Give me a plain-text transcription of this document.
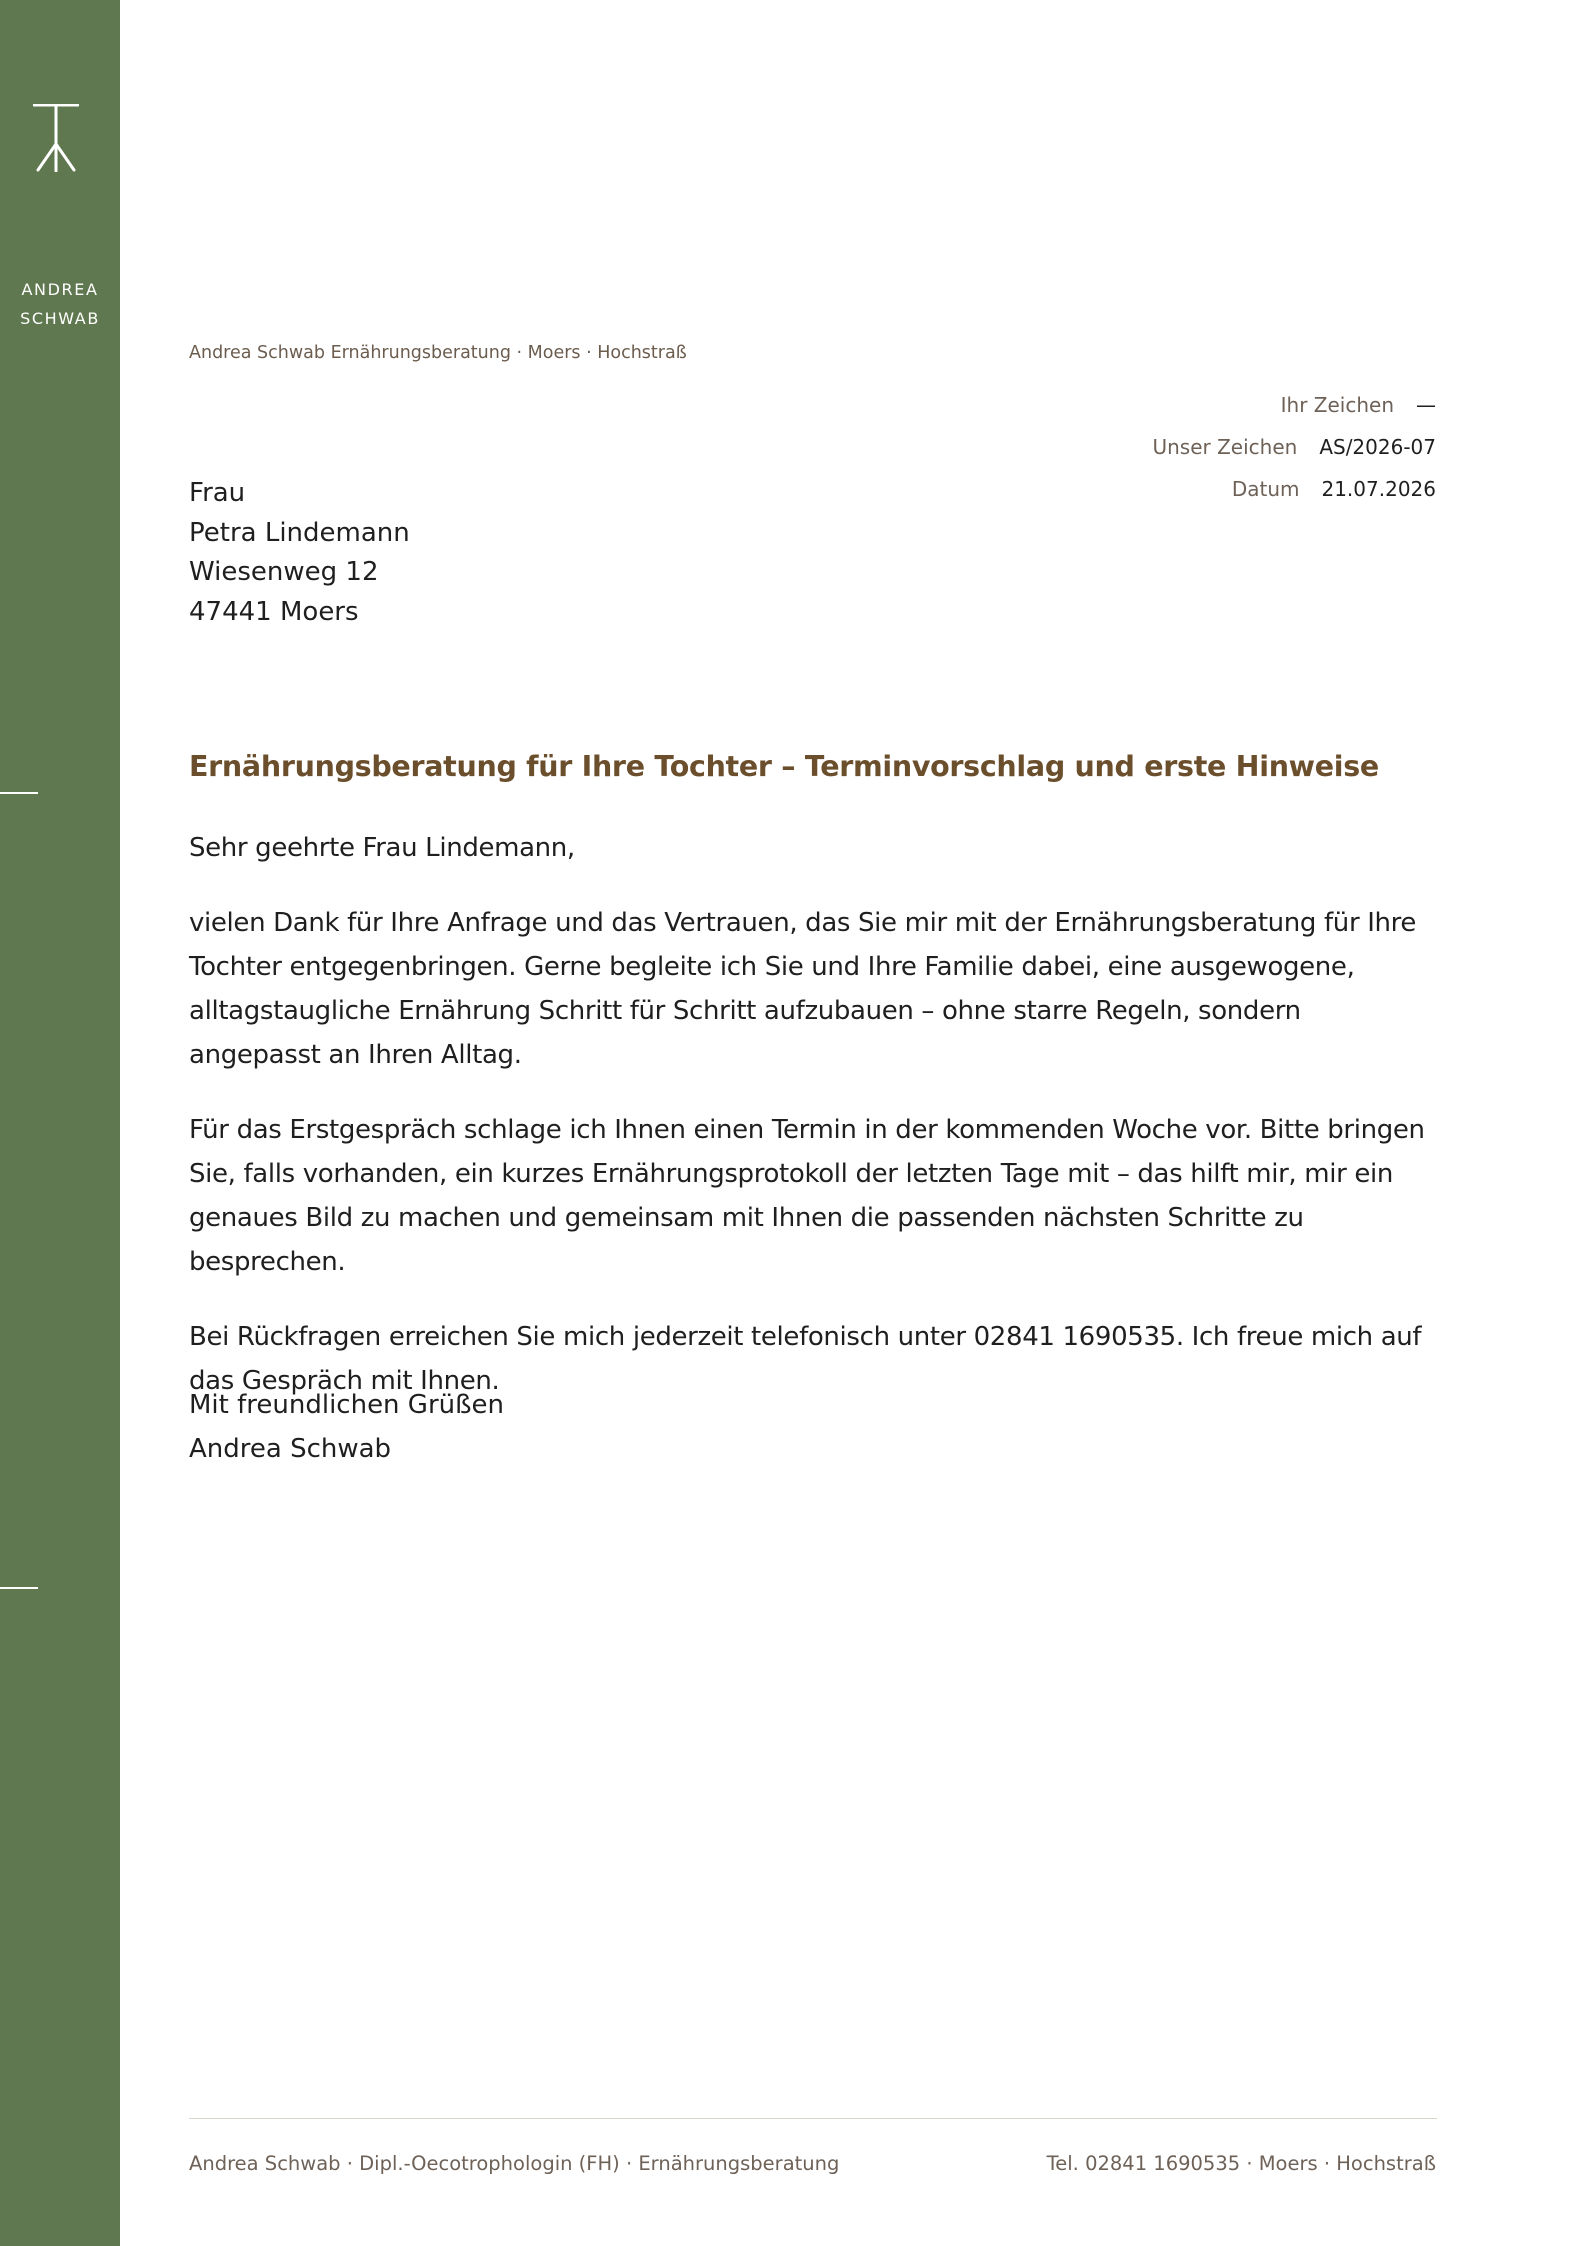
ANDREA
SCHWAB
Andrea Schwab Ernährungsberatung · Moers · Hochstraß
Ihr Zeichen —
Unser Zeichen AS/2026-07
Datum 21.07.2026
Frau
Petra Lindemann
Wiesenweg 12
47441 Moers
Ernährungsberatung für Ihre Tochter – Terminvorschlag und erste Hinweise

Sehr geehrte Frau Lindemann,

vielen Dank für Ihre Anfrage und das Vertrauen, das Sie mir mit der Ernährungsberatung für Ihre Tochter entgegenbringen. Gerne begleite ich Sie und Ihre Familie dabei, eine ausgewogene, alltagstaugliche Ernährung Schritt für Schritt aufzubauen – ohne starre Regeln, sondern angepasst an Ihren Alltag.

Für das Erstgespräch schlage ich Ihnen einen Termin in der kommenden Woche vor. Bitte bringen Sie, falls vorhanden, ein kurzes Ernährungsprotokoll der letzten Tage mit – das hilft mir, mir ein genaues Bild zu machen und gemeinsam mit Ihnen die passenden nächsten Schritte zu besprechen.

Bei Rückfragen erreichen Sie mich jederzeit telefonisch unter 02841 1690535. Ich freue mich auf das Gespräch mit Ihnen.

Mit freundlichen Grüßen
Andrea Schwab
Andrea Schwab · Dipl.-Oecotrophologin (FH) · Ernährungsberatung	Tel. 02841 1690535 · Moers · Hochstraß
